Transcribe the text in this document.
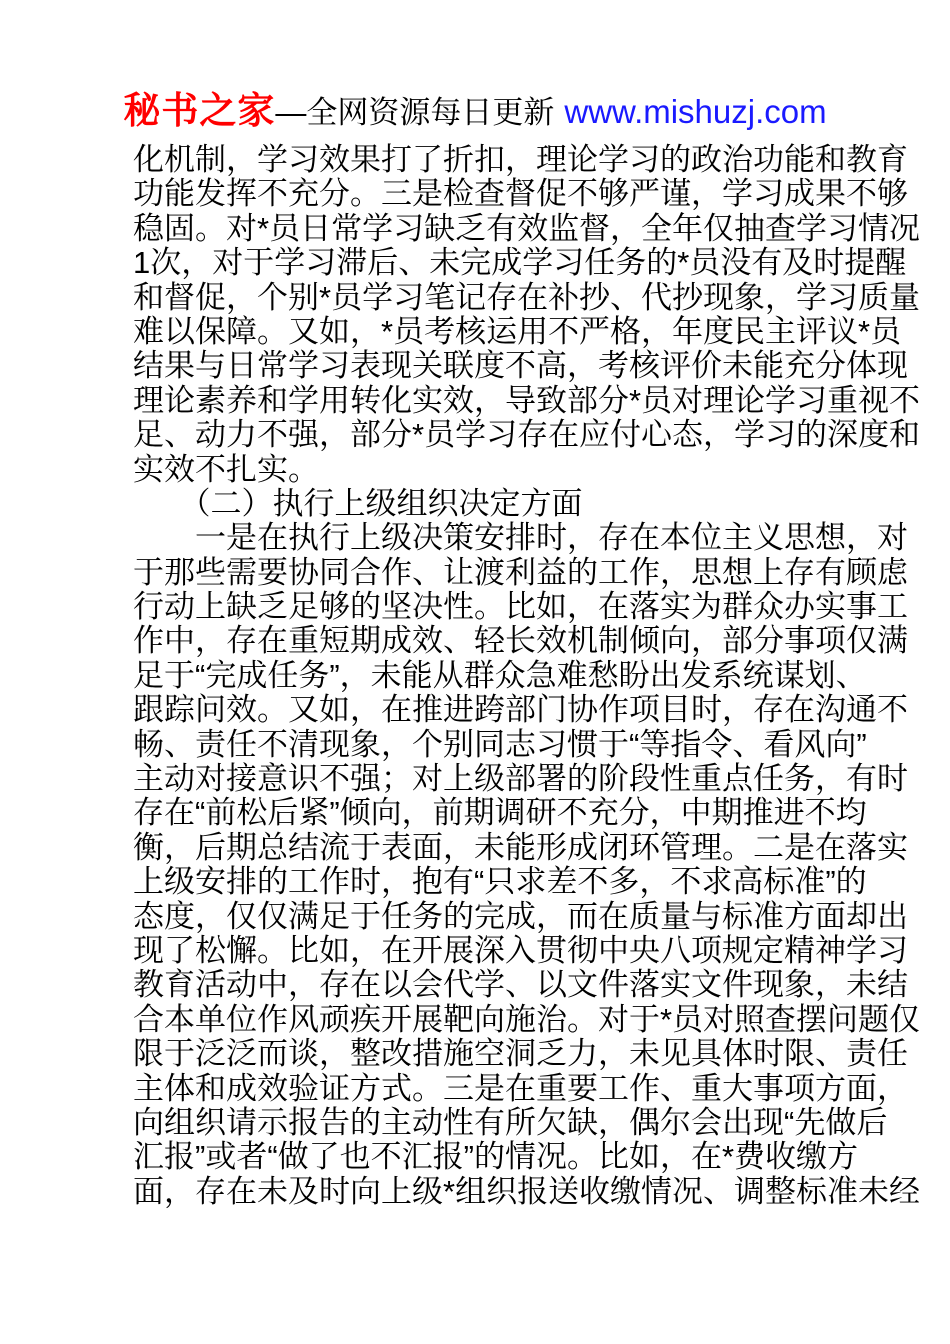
秘书之家 —全网资源每日更新 www.mishuzj.com
化机制，学习效果打了折扣，理论学习的政治功能和教育
功能发挥不充分。三是检查督促不够严谨，学习成果不够
稳固。对*员日常学习缺乏有效监督，全年仅抽查学习情况
1次，对于学习滞后、未完成学习任务的*员没有及时提醒
和督促，个别*员学习笔记存在补抄、代抄现象，学习质量
难以保障。又如，*员考核运用不严格，年度民主评议*员
结果与日常学习表现关联度不高，考核评价未能充分体现
理论素养和学用转化实效，导致部分*员对理论学习重视不
足、动力不强，部分*员学习存在应付心态，学习的深度和
实效不扎实。
　　（二）执行上级组织决定方面
　　一是在执行上级决策安排时，存在本位主义思想，对
于那些需要协同合作、让渡利益的工作，思想上存有顾虑
行动上缺乏足够的坚决性。比如，在落实为群众办实事工
作中，存在重短期成效、轻长效机制倾向，部分事项仅满
足于“完成任务”，未能从群众急难愁盼出发系统谋划、
跟踪问效。又如，在推进跨部门协作项目时，存在沟通不
畅、责任不清现象，个别同志习惯于“等指令、看风向”
主动对接意识不强；对上级部署的阶段性重点任务，有时
存在“前松后紧”倾向，前期调研不充分，中期推进不均
衡，后期总结流于表面，未能形成闭环管理。二是在落实
上级安排的工作时，抱有“只求差不多，不求高标准”的
态度，仅仅满足于任务的完成，而在质量与标准方面却出
现了松懈。比如，在开展深入贯彻中央八项规定精神学习
教育活动中，存在以会代学、以文件落实文件现象，未结
合本单位作风顽疾开展靶向施治。对于*员对照查摆问题仅
限于泛泛而谈，整改措施空洞乏力，未见具体时限、责任
主体和成效验证方式。三是在重要工作、重大事项方面，
向组织请示报告的主动性有所欠缺，偶尔会出现“先做后
汇报”或者“做了也不汇报”的情况。比如，在*费收缴方
面，存在未及时向上级*组织报送收缴情况、调整标准未经
